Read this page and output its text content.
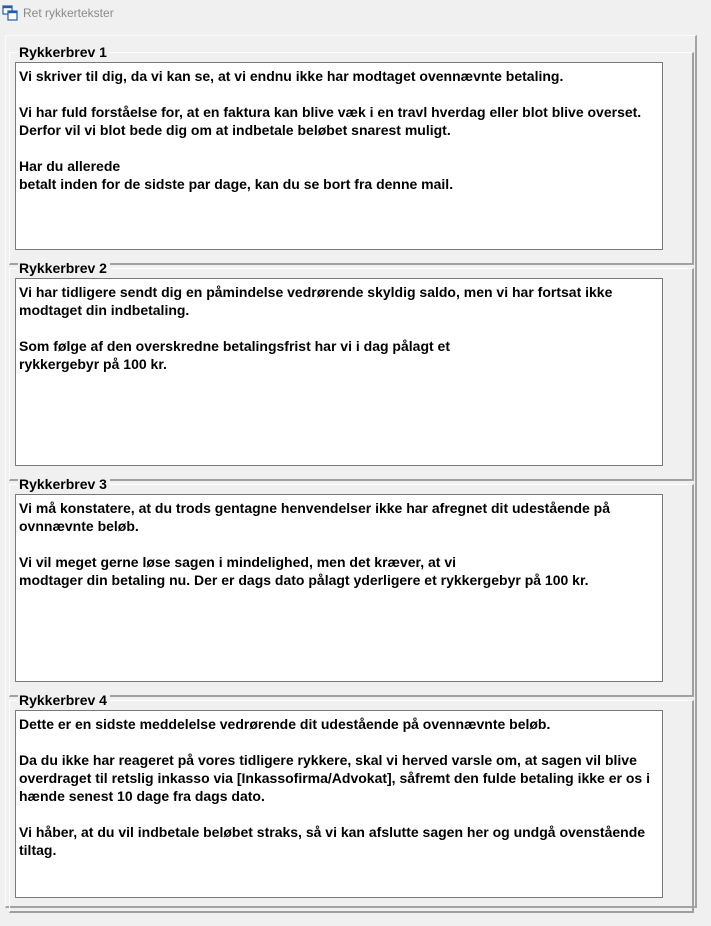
Ret rykkertekster
Rykkerbrev 1
Vi skriver til dig, da vi kan se, at vi endnu ikke har modtaget ovennævnte betaling.

Vi har fuld forståelse for, at en faktura kan blive væk i en travl hverdag eller blot blive overset. Derfor vil vi blot bede dig om at indbetale beløbet snarest muligt.

Har du allerede
betalt inden for de sidste par dage, kan du se bort fra denne mail.
Rykkerbrev 2
Vi har tidligere sendt dig en påmindelse vedrørende skyldig saldo, men vi har fortsat ikke modtaget din indbetaling.

Som følge af den overskredne betalingsfrist har vi i dag pålagt et
rykkergebyr på 100 kr.
Rykkerbrev 3
Vi må konstatere, at du trods gentagne henvendelser ikke har afregnet dit udestående på ovnnævnte beløb.

Vi vil meget gerne løse sagen i mindelighed, men det kræver, at vi
modtager din betaling nu. Der er dags dato pålagt yderligere et rykkergebyr på 100 kr.
Rykkerbrev 4
Dette er en sidste meddelelse vedrørende dit udestående på ovennævnte beløb.

Da du ikke har reageret på vores tidligere rykkere, skal vi herved varsle om, at sagen vil blive overdraget til retslig inkasso via [Inkassofirma/Advokat], såfremt den fulde betaling ikke er os i hænde senest 10 dage fra dags dato.

Vi håber, at du vil indbetale beløbet straks, så vi kan afslutte sagen her og undgå ovenstående tiltag.
